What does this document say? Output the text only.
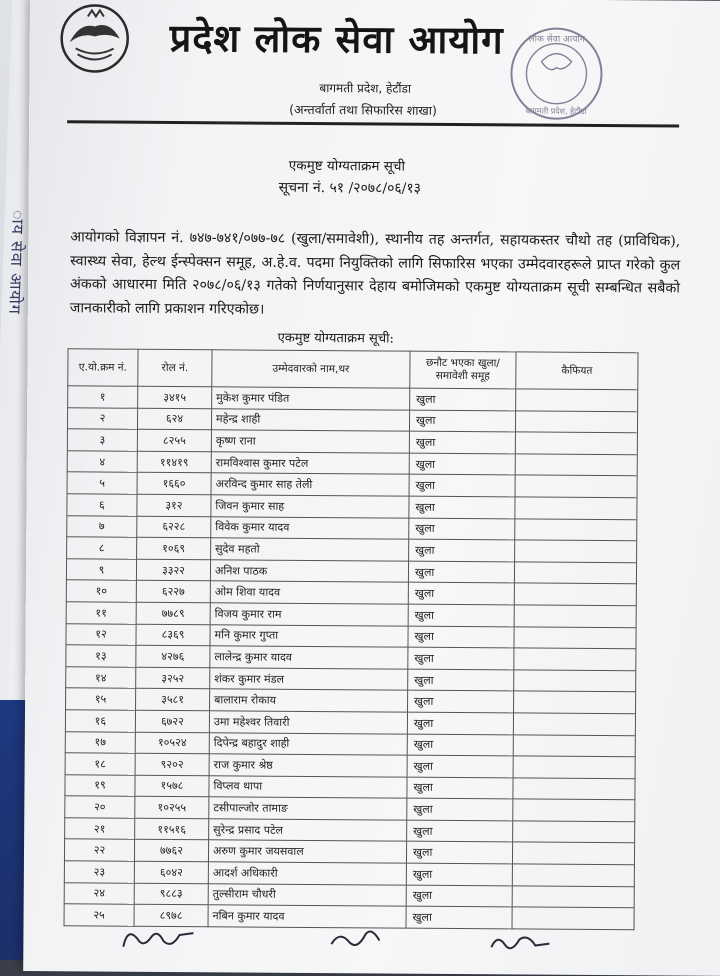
ाय सेवा आयोग
प्रदेश लोक सेवा आयोग
बागमती प्रदेश, हेटौंडा
(अन्तर्वार्ता तथा सिफारिस शाखा)
लोक सेवा आयोग
बागमती प्रदेश, हेटौंडा
एकमुष्ट योग्यताक्रम सूची
सूचना नं. ५१ /२०७८/०६/१३
आयोगको विज्ञापन नं. ७४७-७४१/०७७-७८ (खुला/समावेशी), स्थानीय तह अन्तर्गत, सहायकस्तर चौथो तह (प्राविधिक), स्वास्थ्य सेवा, हेल्थ ईन्स्पेक्सन समूह, अ.हे.व. पदमा नियुक्तिको लागि सिफारिस भएका उम्मेदवारहरूले प्राप्त गरेको कुल अंकको आधारमा मिति २०७८/०६/१३ गतेको निर्णयानुसार देहाय बमोजिमको एकमुष्ट योग्यताक्रम सूची सम्बन्धित सबैको जानकारीको लागि प्रकाशन गरिएकोछ।
एकमुष्ट योग्यताक्रम सूची:
ए.यो.क्रम नं.	रोल नं.	उम्मेदवारको नाम,थर	छनौट भएका खुला/ समावेशी समूह	कैफियत
१	३४१५	मुकेश कुमार पंडित	खुला	
२	६२४	महेन्द्र शाही	खुला	
३	८२५५	कृष्ण राना	खुला	
४	११४१९	रामविश्वास कुमार पटेल	खुला	
५	१६६०	अरविन्द कुमार साह तेली	खुला	
६	३१२	जिवन कुमार साह	खुला	
७	६२२८	विवेक कुमार यादव	खुला	
८	१०६९	सुदेव महतो	खुला	
९	३३२२	अनिश पाठक	खुला	
१०	६२२७	ओम शिवा यादव	खुला	
११	७७८९	विजय कुमार राम	खुला	
१२	८३६९	मनि कुमार गुप्ता	खुला	
१३	४२७६	लालेन्द्र कुमार यादव	खुला	
१४	३२५२	शंकर कुमार मंडल	खुला	
१५	३५८१	बालाराम रोकाय	खुला	
१६	६७२२	उमा महेश्वर तिवारी	खुला	
१७	१०५२४	दिपेन्द्र बहादुर शाही	खुला	
१८	९२०२	राज कुमार श्रेष्ठ	खुला	
१९	१५७८	विप्लव थापा	खुला	
२०	१०२५५	टसीपाल्जोर तामाङ	खुला	
२१	११५१६	सुरेन्द्र प्रसाद पटेल	खुला	
२२	७७६२	अरुण कुमार जयसवाल	खुला	
२३	६०४२	आदर्श अधिकारी	खुला	
२४	९८८३	तुल्सीराम चौधरी	खुला	
२५	८९७८	नबिन कुमार यादव	खुला	
